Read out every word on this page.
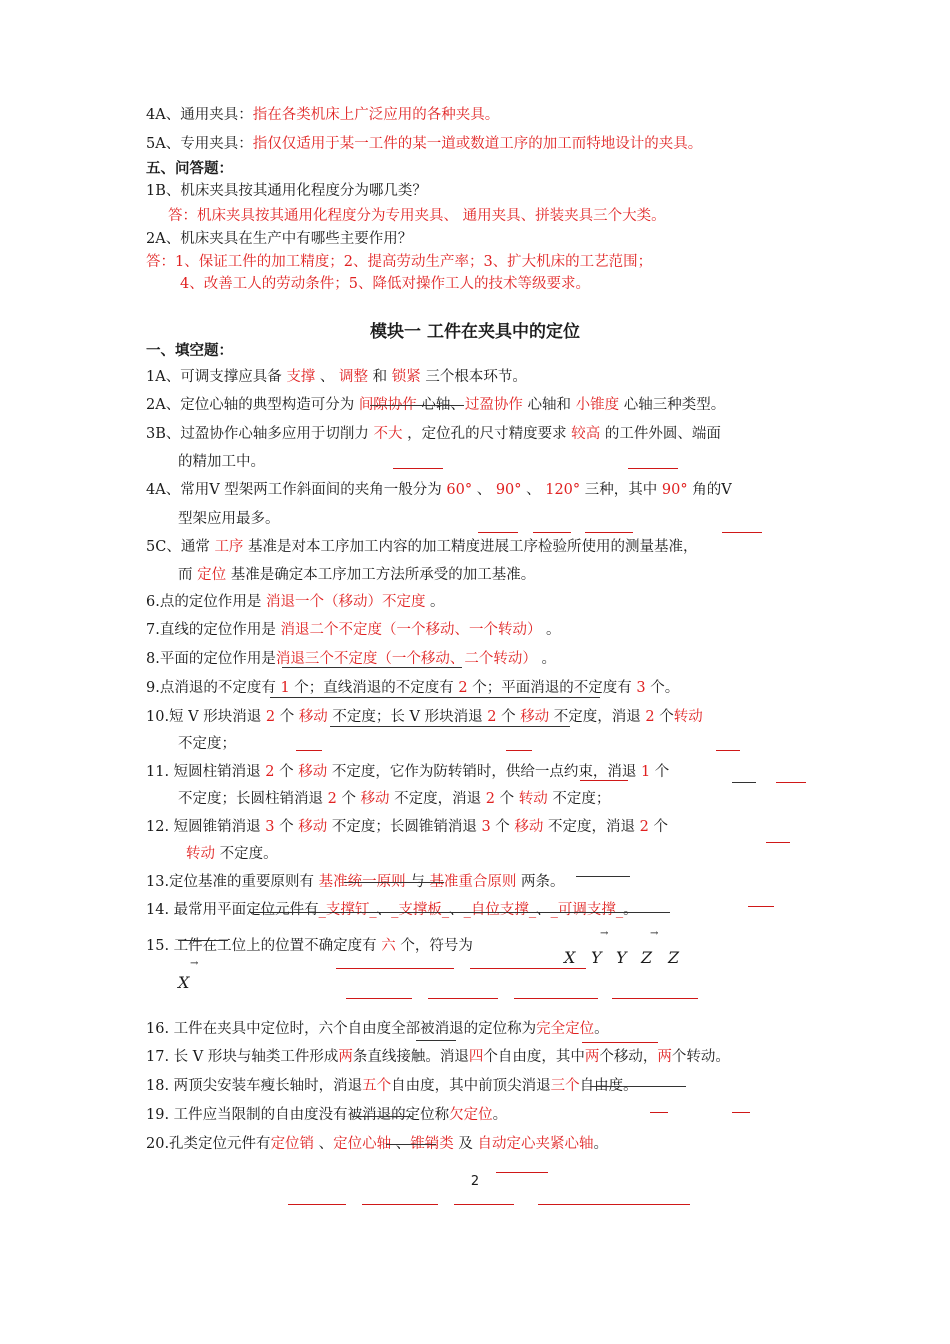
4A、通用夹具：指在各类机床上广泛应用的各种夹具。
5A、专用夹具：指仅仅适用于某一工件的某一道或数道工序的加工而特地设计的夹具。
五、问答题：
1B、机床夹具按其通用化程度分为哪几类？
答：机床夹具按其通用化程度分为专用夹具、 通用夹具、拼装夹具三个大类。
2A、机床夹具在生产中有哪些主要作用？
答：1、保证工件的加工精度；2、提高劳动生产率；3、扩大机床的工艺范围；
4、改善工人的劳动条件；5、降低对操作工人的技术等级要求。
模块一 工件在夹具中的定位
一、填空题：
1A、可调支撑应具备 支撑 、 调整 和 锁紧 三个根本环节。
2A、定位心轴的典型构造可分为 间隙协作 心轴、过盈协作 心轴和 小锥度 心轴三种类型。
3B、过盈协作心轴多应用于切削力 不大 ，定位孔的尺寸精度要求 较高 的工件外圆、端面
的精加工中。
4A、常用V 型架两工作斜面间的夹角一般分为 60° 、 90° 、 120° 三种，其中 90° 角的V
型架应用最多。
5C、通常 工序 基准是对本工序加工内容的加工精度进展工序检验所使用的测量基准，
而 定位 基准是确定本工序加工方法所承受的加工基准。
6.点的定位作用是 消退一个（移动）不定度 。
7.直线的定位作用是 消退二个不定度（一个移动、一个转动） 。
8.平面的定位作用是消退三个不定度（一个移动、二个转动） 。
9.点消退的不定度有 1 个；直线消退的不定度有 2 个；平面消退的不定度有 3 个。
10.短 V 形块消退 2 个 移动 不定度；长 V 形块消退 2 个 移动 不定度，消退 2 个转动
不定度；
11. 短圆柱销消退 2 个 移动 不定度，它作为防转销时，供给一点约束，消退 1 个
不定度；长圆柱销消退 2 个 移动 不定度，消退 2 个 转动 不定度；
12. 短圆锥销消退 3 个 移动 不定度；长圆锥销消退 3 个 移动 不定度，消退 2 个
转动 不定度。
13.定位基准的重要原则有 基准统一原则 与 基准重合原则 两条。
14. 最常用平面定位元件有_支撑钉_、_支撑板_、_自位支撑_、_可调支撑_。
15. 工件在工位上的位置不确定度有 六 个，符号为
→	→
X Y Y Z Z
→
X
16. 工件在夹具中定位时，六个自由度全部被消退的定位称为完全定位。
17. 长 V 形块与轴类工件形成两条直线接触。消退四个自由度，其中两个移动，两个转动。
18. 两顶尖安装车瘦长轴时，消退五个自由度，其中前顶尖消退三个自由度。
19. 工件应当限制的自由度没有被消退的定位称欠定位。
20.孔类定位元件有定位销 、定位心轴 、锥销类 及 自动定心夹紧心轴。
2
